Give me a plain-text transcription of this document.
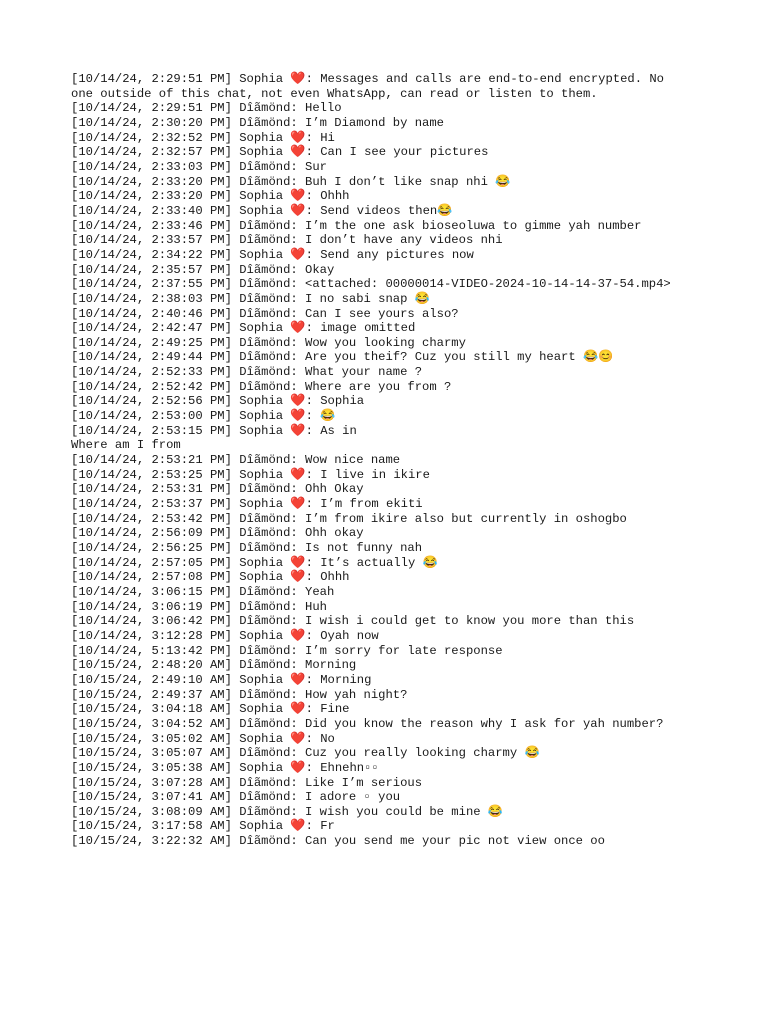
[10/14/24, 2:29:51 PM] Sophia ❤️: Messages and calls are end-to-end encrypted. No
one outside of this chat, not even WhatsApp, can read or listen to them.
[10/14/24, 2:29:51 PM] Dîãmönd: Hello
[10/14/24, 2:30:20 PM] Dîãmönd: I’m Diamond by name
[10/14/24, 2:32:52 PM] Sophia ❤️: Hi
[10/14/24, 2:32:57 PM] Sophia ❤️: Can I see your pictures
[10/14/24, 2:33:03 PM] Dîãmönd: Sur
[10/14/24, 2:33:20 PM] Dîãmönd: Buh I don’t like snap nhi 😂
[10/14/24, 2:33:20 PM] Sophia ❤️: Ohhh
[10/14/24, 2:33:40 PM] Sophia ❤️: Send videos then😂
[10/14/24, 2:33:46 PM] Dîãmönd: I’m the one ask bioseoluwa to gimme yah number
[10/14/24, 2:33:57 PM] Dîãmönd: I don’t have any videos nhi
[10/14/24, 2:34:22 PM] Sophia ❤️: Send any pictures now
[10/14/24, 2:35:57 PM] Dîãmönd: Okay
[10/14/24, 2:37:55 PM] Dîãmönd: <attached: 00000014-VIDEO-2024-10-14-14-37-54.mp4>
[10/14/24, 2:38:03 PM] Dîãmönd: I no sabi snap 😂
[10/14/24, 2:40:46 PM] Dîãmönd: Can I see yours also?
[10/14/24, 2:42:47 PM] Sophia ❤️: image omitted
[10/14/24, 2:49:25 PM] Dîãmönd: Wow you looking charmy
[10/14/24, 2:49:44 PM] Dîãmönd: Are you theif? Cuz you still my heart 😂😊
[10/14/24, 2:52:33 PM] Dîãmönd: What your name ?
[10/14/24, 2:52:42 PM] Dîãmönd: Where are you from ?
[10/14/24, 2:52:56 PM] Sophia ❤️: Sophia
[10/14/24, 2:53:00 PM] Sophia ❤️: 😂
[10/14/24, 2:53:15 PM] Sophia ❤️: As in
Where am I from
[10/14/24, 2:53:21 PM] Dîãmönd: Wow nice name
[10/14/24, 2:53:25 PM] Sophia ❤️: I live in ikire
[10/14/24, 2:53:31 PM] Dîãmönd: Ohh Okay
[10/14/24, 2:53:37 PM] Sophia ❤️: I’m from ekiti
[10/14/24, 2:53:42 PM] Dîãmönd: I’m from ikire also but currently in oshogbo
[10/14/24, 2:56:09 PM] Dîãmönd: Ohh okay
[10/14/24, 2:56:25 PM] Dîãmönd: Is not funny nah
[10/14/24, 2:57:05 PM] Sophia ❤️: It’s actually 😂
[10/14/24, 2:57:08 PM] Sophia ❤️: Ohhh
[10/14/24, 3:06:15 PM] Dîãmönd: Yeah
[10/14/24, 3:06:19 PM] Dîãmönd: Huh
[10/14/24, 3:06:42 PM] Dîãmönd: I wish i could get to know you more than this
[10/14/24, 3:12:28 PM] Sophia ❤️: Oyah now
[10/14/24, 5:13:42 PM] Dîãmönd: I’m sorry for late response
[10/15/24, 2:48:20 AM] Dîãmönd: Morning
[10/15/24, 2:49:10 AM] Sophia ❤️: Morning
[10/15/24, 2:49:37 AM] Dîãmönd: How yah night?
[10/15/24, 3:04:18 AM] Sophia ❤️: Fine
[10/15/24, 3:04:52 AM] Dîãmönd: Did you know the reason why I ask for yah number?
[10/15/24, 3:05:02 AM] Sophia ❤️: No
[10/15/24, 3:05:07 AM] Dîãmönd: Cuz you really looking charmy 😂
[10/15/24, 3:05:38 AM] Sophia ❤️: Ehnehn▫▫
[10/15/24, 3:07:28 AM] Dîãmönd: Like I’m serious
[10/15/24, 3:07:41 AM] Dîãmönd: I adore ▫ you
[10/15/24, 3:08:09 AM] Dîãmönd: I wish you could be mine 😂
[10/15/24, 3:17:58 AM] Sophia ❤️: Fr
[10/15/24, 3:22:32 AM] Dîãmönd: Can you send me your pic not view once oo
